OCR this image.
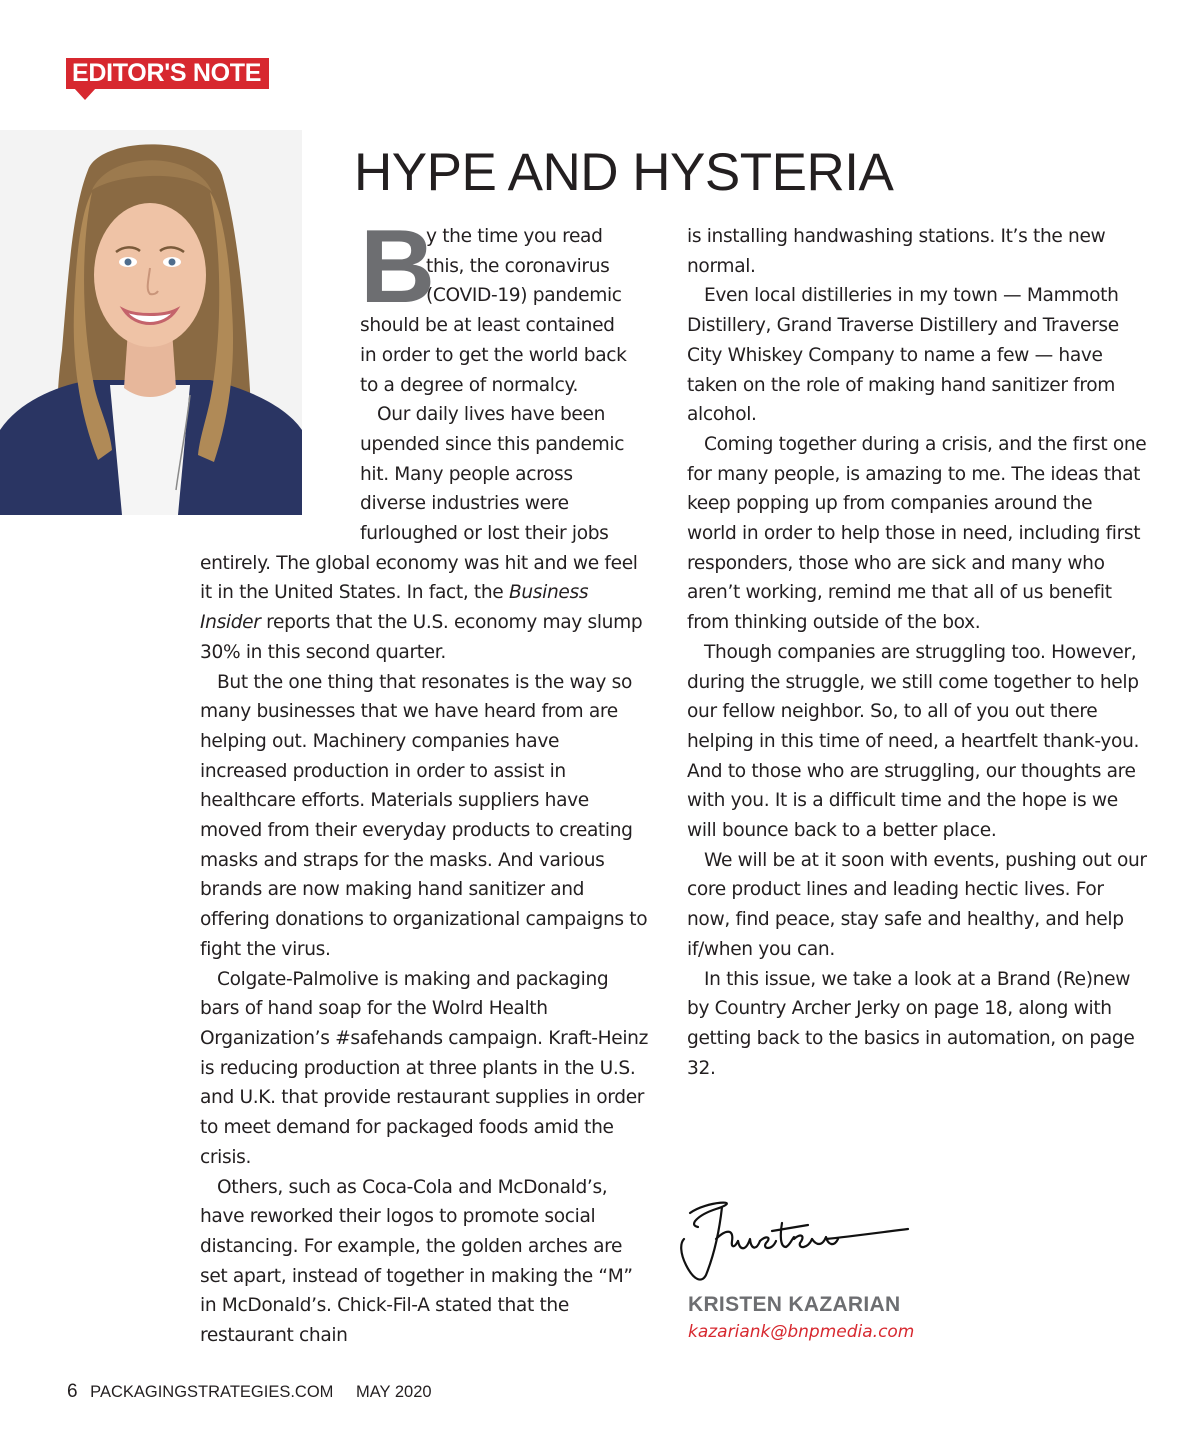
EDITOR'S NOTE
HYPE AND HYSTERIA
B
y the time you read
this, the coronavirus
(COVID-19) pandemic
should be at least contained
in order to get the world back
to a degree of normalcy.
Our daily lives have been
upended since this pandemic
hit. Many people across
diverse industries were
furloughed or lost their jobs

entirely. The global economy was hit and we feel it in the United States. In fact, the Business Insider reports that the U.S. economy may slump 30% in this second quarter.

But the one thing that resonates is the way so many businesses that we have heard from are helping out. Machinery companies have increased production in order to assist in healthcare efforts. Materials suppliers have moved from their everyday products to creating masks and straps for the masks. And various brands are now making hand sanitizer and offering donations to organizational campaigns to fight the virus.

Colgate-Palmolive is making and packaging bars of hand soap for the Wolrd Health Organization’s #safehands campaign. Kraft-Heinz is reducing production at three plants in the U.S. and U.K. that provide restaurant supplies in order to meet demand for packaged foods amid the crisis.

Others, such as Coca-Cola and McDonald’s, have reworked their logos to promote social distancing. For example, the golden arches are set apart, instead of together in making the “M” in McDonald’s. Chick-Fil-A stated that the restaurant chain

is installing handwashing stations. It’s the new normal.

Even local distilleries in my town — Mammoth Distillery, Grand Traverse Distillery and Traverse City Whiskey Company to name a few — have taken on the role of making hand sanitizer from alcohol.

Coming together during a crisis, and the first one for many people, is amazing to me. The ideas that keep popping up from companies around the world in order to help those in need, including first responders, those who are sick and many who aren’t working, remind me that all of us benefit from thinking outside of the box.

Though companies are struggling too. However, during the struggle, we still come together to help our fellow neighbor. So, to all of you out there helping in this time of need, a heartfelt thank-you. And to those who are struggling, our thoughts are with you. It is a difficult time and the hope is we will bounce back to a better place.

We will be at it soon with events, pushing out our core product lines and leading hectic lives. For now, find peace, stay safe and healthy, and help if/when you can.

In this issue, we take a look at a Brand (Re)new by Country Archer Jerky on page 18, along with getting back to the basics in automation, on page 32.

KRISTEN KAZARIAN
kazariank@bnpmedia.com
6 PACKAGINGSTRATEGIES.COM MAY 2020
